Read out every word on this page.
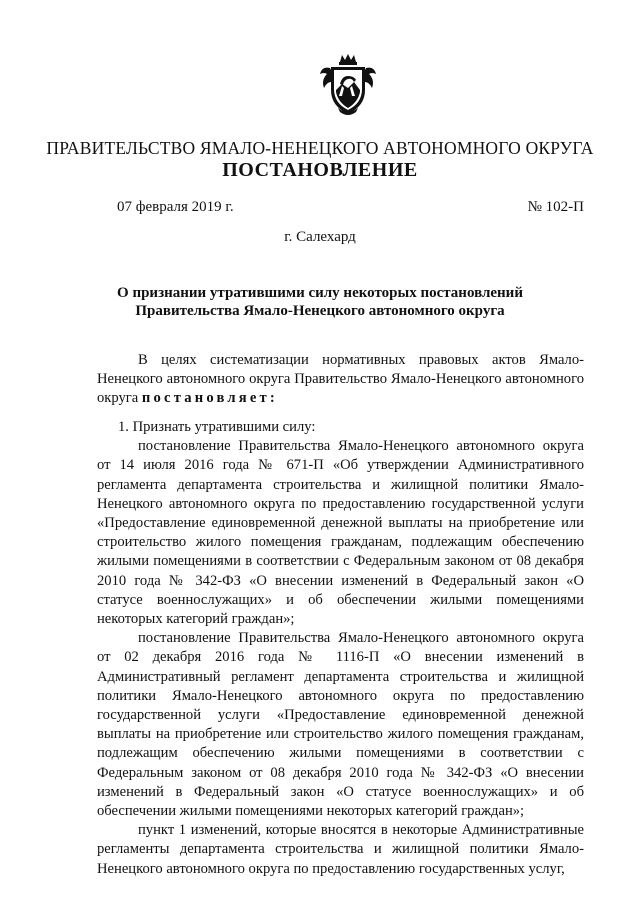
ПРАВИТЕЛЬСТВО ЯМАЛО-НЕНЕЦКОГО АВТОНОМНОГО ОКРУГА
ПОСТАНОВЛЕНИЕ
07 февраля 2019 г.	№ 102-П
г. Салехард
О признании утратившими силу некоторых постановлений Правительства Ямало-Ненецкого автономного округа

В целях систематизации нормативных правовых актов Ямало-Ненецкого автономного округа Правительство Ямало-Ненецкого автономного округа постановляет:

1. Признать утратившими силу:

постановление Правительства Ямало-Ненецкого автономного округа от 14 июля 2016 года № 671-П «Об утверждении Административного регламента департамента строительства и жилищной политики Ямало-Ненецкого автономного округа по предоставлению государственной услуги «Предоставление единовременной денежной выплаты на приобретение или строительство жилого помещения гражданам, подлежащим обеспечению жилыми помещениями в соответствии с Федеральным законом от 08 декабря 2010 года № 342-ФЗ «О внесении изменений в Федеральный закон «О статусе военнослужащих» и об обеспечении жилыми помещениями некоторых категорий граждан»;

постановление Правительства Ямало-Ненецкого автономного округа от 02 декабря 2016 года № 1116-П «О внесении изменений в Административный регламент департамента строительства и жилищной политики Ямало-Ненецкого автономного округа по предоставлению государственной услуги «Предоставление единовременной денежной выплаты на приобретение или строительство жилого помещения гражданам, подлежащим обеспечению жилыми помещениями в соответствии с Федеральным законом от 08 декабря 2010 года № 342-ФЗ «О внесении изменений в Федеральный закон «О статусе военнослужащих» и об обеспечении жилыми помещениями некоторых категорий граждан»;

пункт 1 изменений, которые вносятся в некоторые Административные регламенты департамента строительства и жилищной политики Ямало-Ненецкого автономного округа по предоставлению государственных услуг,
